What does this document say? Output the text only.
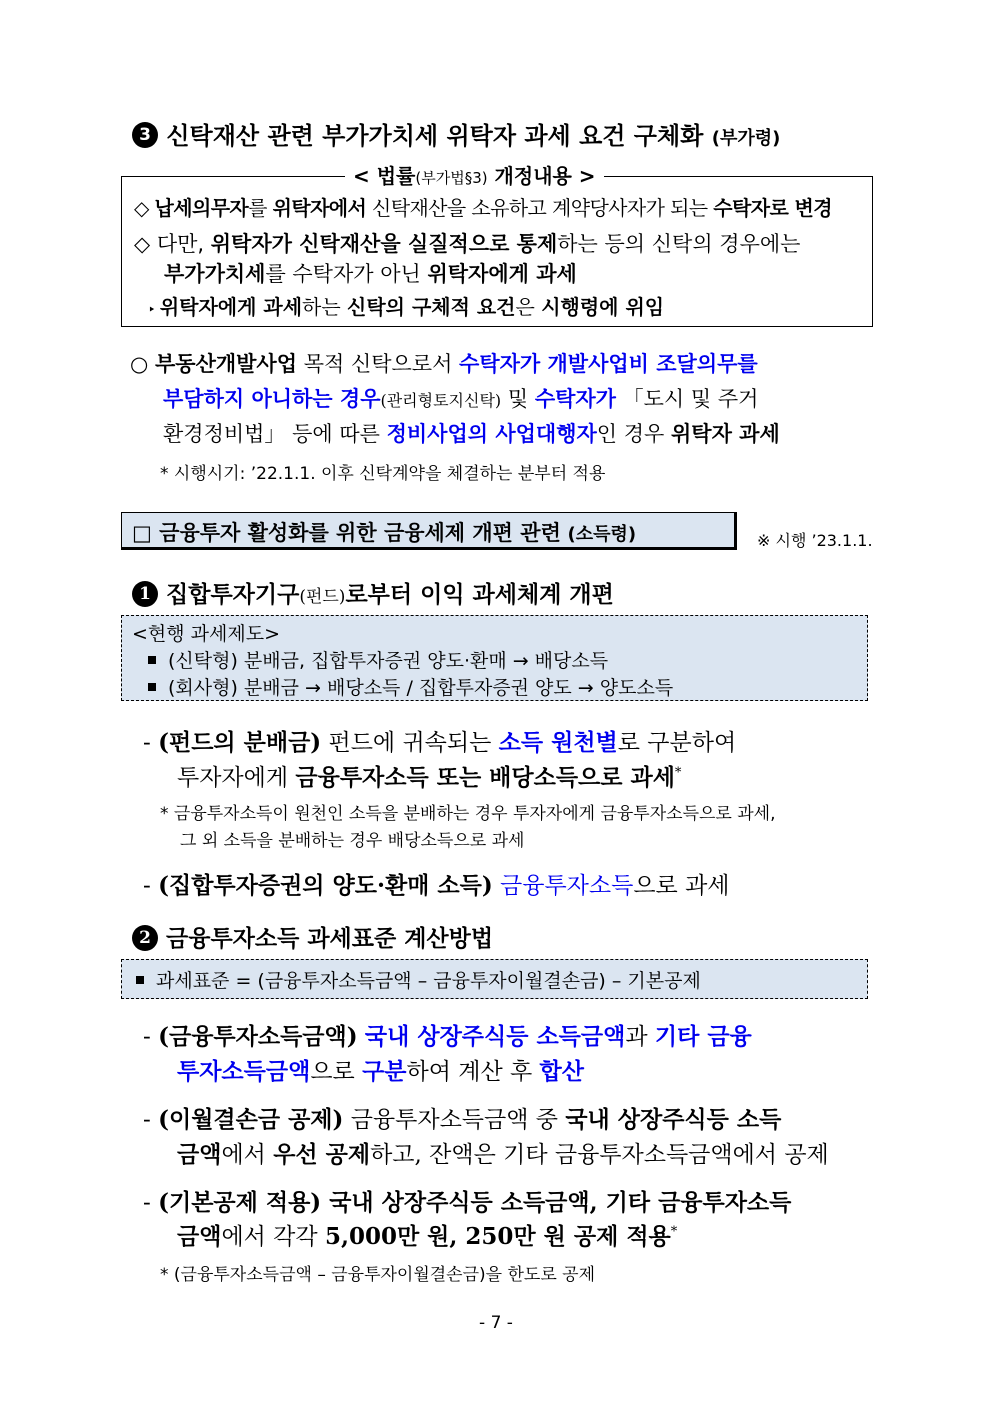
3 신탁재산 관련 부가가치세 위탁자 과세 요건 구체화 (부가령)
< 법률(부가법§3) 개정내용 >
◇ 납세의무자를 위탁자에서 신탁재산을 소유하고 계약당사자가 되는 수탁자로 변경
◇ 다만, 위탁자가 신탁재산을 실질적으로 통제하는 등의 신탁의 경우에는
부가가치세를 수탁자가 아닌 위탁자에게 과세
‣ 위탁자에게 과세하는 신탁의 구체적 요건은 시행령에 위임
○ 부동산개발사업 목적 신탁으로서 수탁자가 개발사업비 조달의무를
부담하지 아니하는 경우(관리형토지신탁) 및 수탁자가 「도시 및 주거
환경정비법」 등에 따른 정비사업의 사업대행자인 경우 위탁자 과세
* 시행시기: ’22.1.1. 이후 신탁계약을 체결하는 분부터 적용
□ 금융투자 활성화를 위한 금융세제 개편 관련 (소득령)	※ 시행 ’23.1.1.
1 집합투자기구(펀드)로부터 이익 과세체계 개편
<현행 과세제도>
(신탁형) 분배금, 집합투자증권 양도·환매 → 배당소득
(회사형) 분배금 → 배당소득 / 집합투자증권 양도 → 양도소득
- (펀드의 분배금) 펀드에 귀속되는 소득 원천별로 구분하여
투자자에게 금융투자소득 또는 배당소득으로 과세*
* 금융투자소득이 원천인 소득을 분배하는 경우 투자자에게 금융투자소득으로 과세,
그 외 소득을 분배하는 경우 배당소득으로 과세
- (집합투자증권의 양도·환매 소득) 금융투자소득으로 과세
2 금융투자소득 과세표준 계산방법
과세표준 = (금융투자소득금액 – 금융투자이월결손금) – 기본공제
- (금융투자소득금액) 국내 상장주식등 소득금액과 기타 금융
투자소득금액으로 구분하여 계산 후 합산
- (이월결손금 공제) 금융투자소득금액 중 국내 상장주식등 소득
금액에서 우선 공제하고, 잔액은 기타 금융투자소득금액에서 공제
- (기본공제 적용) 국내 상장주식등 소득금액, 기타 금융투자소득
금액에서 각각 5,000만 원, 250만 원 공제 적용*
* (금융투자소득금액 – 금융투자이월결손금)을 한도로 공제
- 7 -
